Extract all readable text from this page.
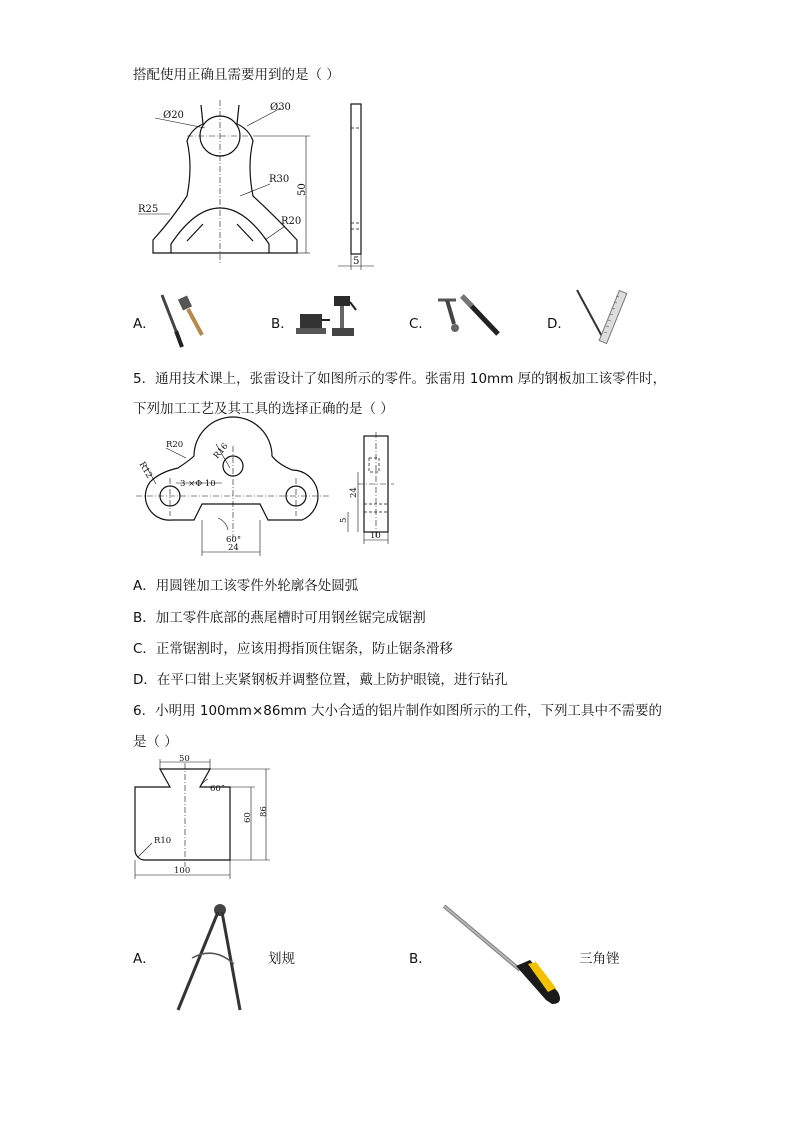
搭配使用正确且需要用到的是（ ）
Ø20
Ø30
R30
50
R25
R20
5
A．	B．	C．	D．
5．通用技术课上，张雷设计了如图所示的零件。张雷用 10mm 厚的钢板加工该零件时，
下列加工工艺及其工具的选择正确的是（ ）
R20	R16
R12
3 ×Φ 10
60°
24
24
5
10
A．用圆锉加工该零件外轮廓各处圆弧
B．加工零件底部的燕尾槽时可用钢丝锯完成锯割
C．正常锯割时，应该用拇指顶住锯条，防止锯条滑移
D．在平口钳上夹紧钢板并调整位置，戴上防护眼镜，进行钻孔
6．小明用 100mm×86mm 大小合适的铝片制作如图所示的工件，下列工具中不需要的
是（ ）
50
60°
86
60
R10
100
A．	划规	B．	三角锉
